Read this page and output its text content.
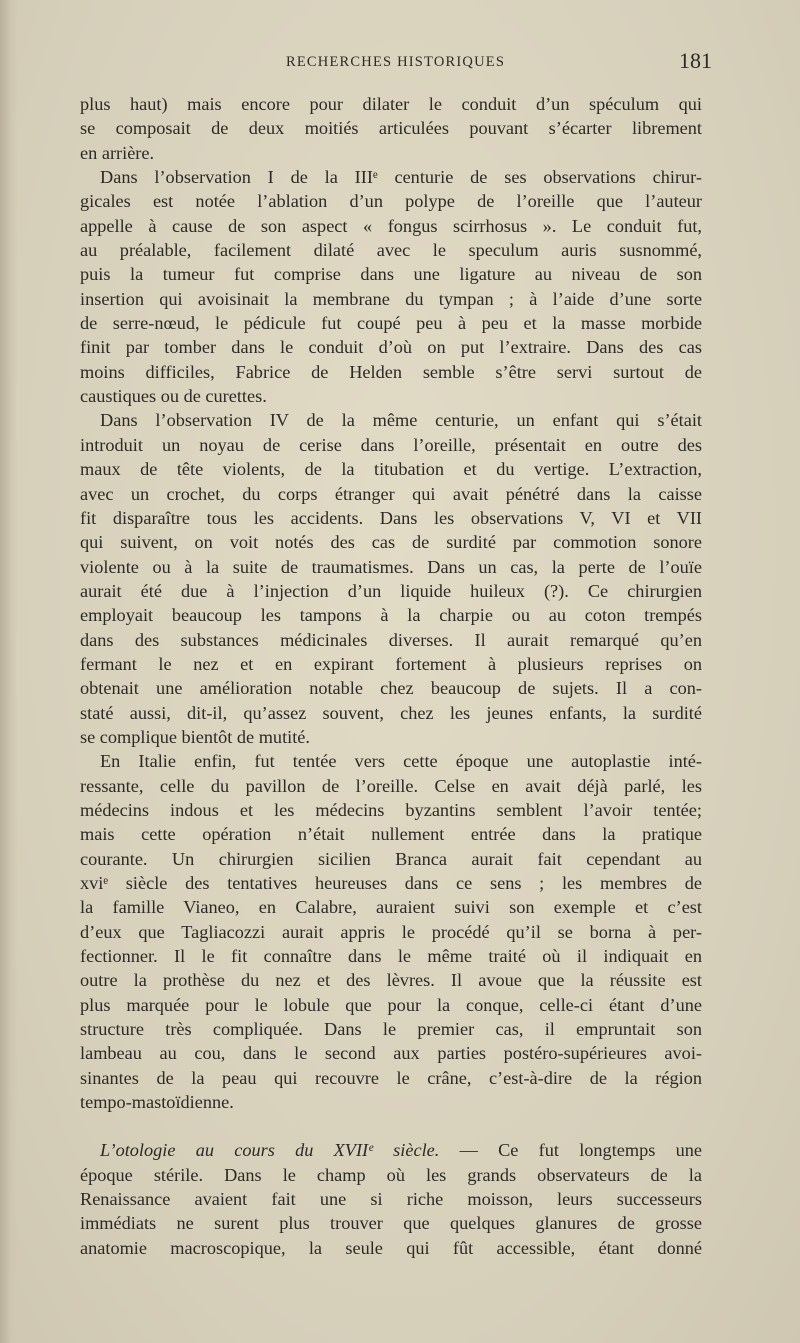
RECHERCHES HISTORIQUES	181
plus haut) mais encore pour dilater le conduit d’un spéculum qui
se composait de deux moitiés articulées pouvant s’écarter librement
en arrière.
Dans l’observation I de la IIIᵉ centurie de ses observations chirur-
gicales est notée l’ablation d’un polype de l’oreille que l’auteur
appelle à cause de son aspect « fongus scirrhosus ». Le conduit fut,
au préalable, facilement dilaté avec le speculum auris susnommé,
puis la tumeur fut comprise dans une ligature au niveau de son
insertion qui avoisinait la membrane du tympan ; à l’aide d’une sorte
de serre-nœud, le pédicule fut coupé peu à peu et la masse morbide
finit par tomber dans le conduit d’où on put l’extraire. Dans des cas
moins difficiles, Fabrice de Helden semble s’être servi surtout de
caustiques ou de curettes.
Dans l’observation IV de la même centurie, un enfant qui s’était
introduit un noyau de cerise dans l’oreille, présentait en outre des
maux de tête violents, de la titubation et du vertige. L’extraction,
avec un crochet, du corps étranger qui avait pénétré dans la caisse
fit disparaître tous les accidents. Dans les observations V, VI et VII
qui suivent, on voit notés des cas de surdité par commotion sonore
violente ou à la suite de traumatismes. Dans un cas, la perte de l’ouïe
aurait été due à l’injection d’un liquide huileux (?). Ce chirurgien
employait beaucoup les tampons à la charpie ou au coton trempés
dans des substances médicinales diverses. Il aurait remarqué qu’en
fermant le nez et en expirant fortement à plusieurs reprises on
obtenait une amélioration notable chez beaucoup de sujets. Il a con-
staté aussi, dit-il, qu’assez souvent, chez les jeunes enfants, la surdité
se complique bientôt de mutité.
En Italie enfin, fut tentée vers cette époque une autoplastie inté-
ressante, celle du pavillon de l’oreille. Celse en avait déjà parlé, les
médecins indous et les médecins byzantins semblent l’avoir tentée;
mais cette opération n’était nullement entrée dans la pratique
courante. Un chirurgien sicilien Branca aurait fait cependant au
xviᵉ siècle des tentatives heureuses dans ce sens ; les membres de
la famille Vianeo, en Calabre, auraient suivi son exemple et c’est
d’eux que Tagliacozzi aurait appris le procédé qu’il se borna à per-
fectionner. Il le fit connaître dans le même traité où il indiquait en
outre la prothèse du nez et des lèvres. Il avoue que la réussite est
plus marquée pour le lobule que pour la conque, celle-ci étant d’une
structure très compliquée. Dans le premier cas, il empruntait son
lambeau au cou, dans le second aux parties postéro-supérieures avoi-
sinantes de la peau qui recouvre le crâne, c’est-à-dire de la région
tempo-mastoïdienne.
L’otologie au cours du XVIIᵉ siècle. — Ce fut longtemps une
époque stérile. Dans le champ où les grands observateurs de la
Renaissance avaient fait une si riche moisson, leurs successeurs
immédiats ne surent plus trouver que quelques glanures de grosse
anatomie macroscopique, la seule qui fût accessible, étant donné
